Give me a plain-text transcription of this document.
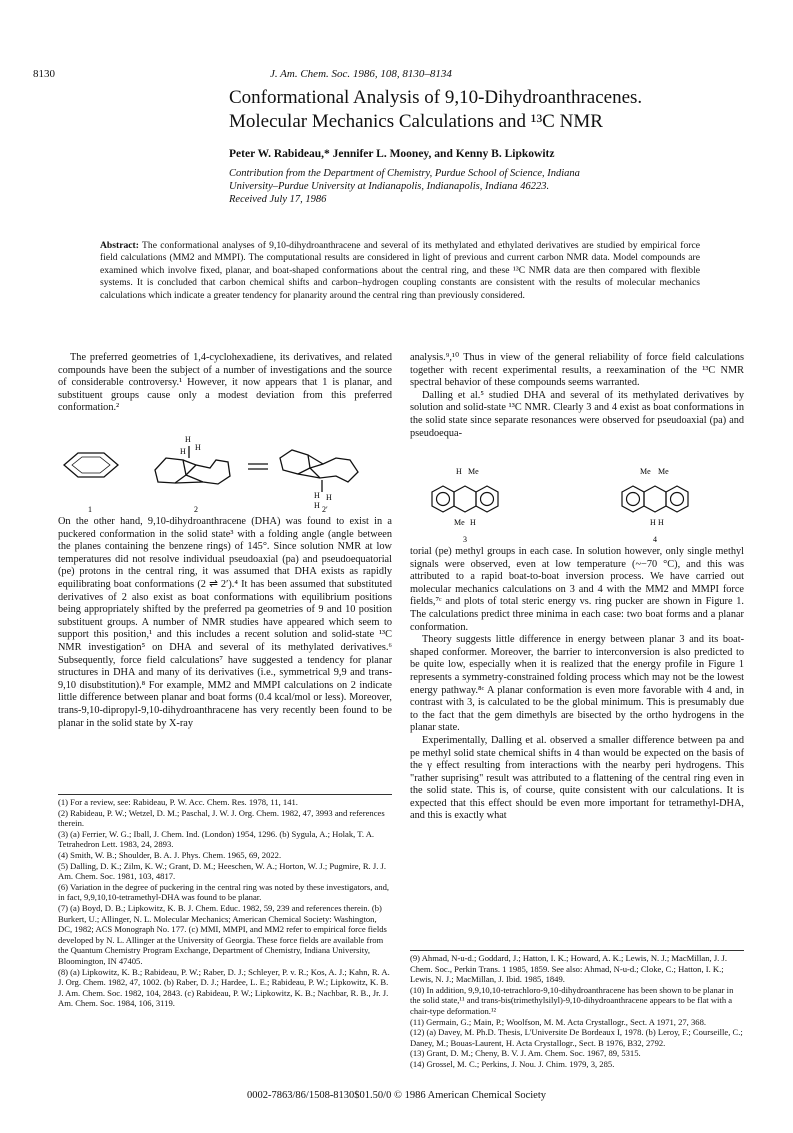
8130	J. Am. Chem. Soc. 1986, 108, 8130–8134
Conformational Analysis of 9,10-Dihydroanthracenes.
Molecular Mechanics Calculations and ¹³C NMR
Peter W. Rabideau,* Jennifer L. Mooney, and Kenny B. Lipkowitz
Contribution from the Department of Chemistry, Purdue School of Science, Indiana
University–Purdue University at Indianapolis, Indianapolis, Indiana 46223.
Received July 17, 1986
Abstract: The conformational analyses of 9,10-dihydroanthracene and several of its methylated and ethylated derivatives are studied by empirical force field calculations (MM2 and MMPI). The computational results are considered in light of previous and current carbon NMR data. Model compounds are examined which involve fixed, planar, and boat-shaped conformations about the central ring, and these ¹³C NMR data are then compared with flexible systems. It is concluded that carbon chemical shifts and carbon–hydrogen coupling constants are consistent with the results of molecular mechanics calculations which indicate a greater tendency for planarity around the central ring than previously considered.

The preferred geometries of 1,4-cyclohexadiene, its derivatives, and related compounds have been the subject of a number of investigations and the source of considerable controversy.¹ However, it now appears that 1 is planar, and substituent groups cause only a modest deviation from this preferred conformation.²

H
H
H
H H
H
1	2	2′

On the other hand, 9,10-dihydroanthracene (DHA) was found to exist in a puckered conformation in the solid state³ with a folding angle (angle between the planes containing the benzene rings) of 145°. Since solution NMR at low temperatures did not resolve individual pseudoaxial (pa) and pseudoequatorial (pe) protons in the central ring, it was assumed that DHA exists as rapidly equilibrating boat conformations (2 ⇌ 2′).⁴ It has been assumed that substituted derivatives of 2 also exist as boat conformations with equilibrium positions being appropriately shifted by the preferred pa geometries of 9 and 10 position substituent groups. A number of NMR studies have appeared which seem to support this position,¹ and this includes a recent solution and solid-state ¹³C NMR investigation⁵ on DHA and several of its methylated derivatives.⁶ Subsequently, force field calculations⁷ have suggested a tendency for planar structures in DHA and many of its derivatives (i.e., symmetrical 9,9 and trans-9,10 disubstitution).⁸ For example, MM2 and MMPI calculations on 2 indicate little difference between planar and boat forms (0.4 kcal/mol or less). Moreover, trans-9,10-dipropyl-9,10-dihydroanthracene has very recently been found to be planar in the solid state by X-ray

analysis.⁹,¹⁰ Thus in view of the general reliability of force field calculations together with recent experimental results, a reexamination of the ¹³C NMR spectral behavior of these compounds seems warranted.

Dalling et al.⁵ studied DHA and several of its methylated derivatives by solution and solid-state ¹³C NMR. Clearly 3 and 4 exist as boat conformations in the solid state since separate resonances were observed for pseudoaxial (pa) and pseudoequa-

H Me
Me H
Me Me
H H
3	4

torial (pe) methyl groups in each case. In solution however, only single methyl signals were observed, even at low temperature (~−70 °C), and this was attributed to a rapid boat-to-boat inversion process. We have carried out molecular mechanics calculations on 3 and 4 with the MM2 and MMPI force fields,⁷ᶜ and plots of total steric energy vs. ring pucker are shown in Figure 1. The calculations predict three minima in each case: two boat forms and a planar conformation.

Theory suggests little difference in energy between planar 3 and its boat-shaped conformer. Moreover, the barrier to interconversion is also predicted to be quite low, especially when it is realized that the energy profile in Figure 1 represents a symmetry-constrained folding process which may not be the lowest energy pathway.⁸ᶜ A planar conformation is even more favorable with 4 and, in contrast with 3, is calculated to be the global minimum. This is presumably due to the fact that the gem dimethyls are bisected by the ortho hydrogens in the planar state.

Experimentally, Dalling et al. observed a smaller difference between pa and pe methyl solid state chemical shifts in 4 than would be expected on the basis of the γ effect resulting from interactions with the nearby peri hydrogens. This "rather suprising" result was attributed to a flattening of the central ring even in the solid state. This is, of course, quite consistent with our calculations. It is expected that this effect should be even more important for tetramethyl-DHA, and this is exactly what

(1) For a review, see: Rabideau, P. W. Acc. Chem. Res. 1978, 11, 141.

(2) Rabideau, P. W.; Wetzel, D. M.; Paschal, J. W. J. Org. Chem. 1982, 47, 3993 and references therein.

(3) (a) Ferrier, W. G.; Iball, J. Chem. Ind. (London) 1954, 1296. (b) Sygula, A.; Holak, T. A. Tetrahedron Lett. 1983, 24, 2893.

(4) Smith, W. B.; Shoulder, B. A. J. Phys. Chem. 1965, 69, 2022.

(5) Dalling, D. K.; Zilm, K. W.; Grant, D. M.; Heeschen, W. A.; Horton, W. J.; Pugmire, R. J. J. Am. Chem. Soc. 1981, 103, 4817.

(6) Variation in the degree of puckering in the central ring was noted by these investigators, and, in fact, 9,9,10,10-tetramethyl-DHA was found to be planar.

(7) (a) Boyd, D. B.; Lipkowitz, K. B. J. Chem. Educ. 1982, 59, 239 and references therein. (b) Burkert, U.; Allinger, N. L. Molecular Mechanics; American Chemical Society: Washington, DC, 1982; ACS Monograph No. 177. (c) MMI, MMPI, and MM2 refer to empirical force fields developed by N. L. Allinger at the University of Georgia. These force fields are available from the Quantum Chemistry Program Exchange, Department of Chemistry, Indiana University, Bloomington, IN 47405.

(8) (a) Lipkowitz, K. B.; Rabideau, P. W.; Raber, D. J.; Schleyer, P. v. R.; Kos, A. J.; Kahn, R. A. J. Org. Chem. 1982, 47, 1002. (b) Raber, D. J.; Hardee, L. E.; Rabideau, P. W.; Lipkowitz, K. B. J. Am. Chem. Soc. 1982, 104, 2843. (c) Rabideau, P. W.; Lipkowitz, K. B.; Nachbar, R. B., Jr. J. Am. Chem. Soc. 1984, 106, 3119.

(9) Ahmad, N-u-d.; Goddard, J.; Hatton, I. K.; Howard, A. K.; Lewis, N. J.; MacMillan, J. J. Chem. Soc., Perkin Trans. 1 1985, 1859. See also: Ahmad, N-u-d.; Cloke, C.; Hatton, I. K.; Lewis, N. J.; MacMillan, J. Ibid. 1985, 1849.

(10) In addition, 9,9,10,10-tetrachloro-9,10-dihydroanthracene has been shown to be planar in the solid state,¹¹ and trans-bis(trimethylsilyl)-9,10-dihydroanthracene appears to be flat with a chair-type deformation.¹²

(11) Germain, G.; Main, P.; Woolfson, M. M. Acta Crystallogr., Sect. A 1971, 27, 368.

(12) (a) Davey, M. Ph.D. Thesis, L'Universite De Bordeaux I, 1978. (b) Leroy, F.; Courseille, C.; Daney, M.; Bouas-Laurent, H. Acta Crystallogr., Sect. B 1976, B32, 2792.

(13) Grant, D. M.; Cheny, B. V. J. Am. Chem. Soc. 1967, 89, 5315.

(14) Grossel, M. C.; Perkins, J. Nou. J. Chim. 1979, 3, 285.

0002-7863/86/1508-8130$01.50/0 © 1986 American Chemical Society
